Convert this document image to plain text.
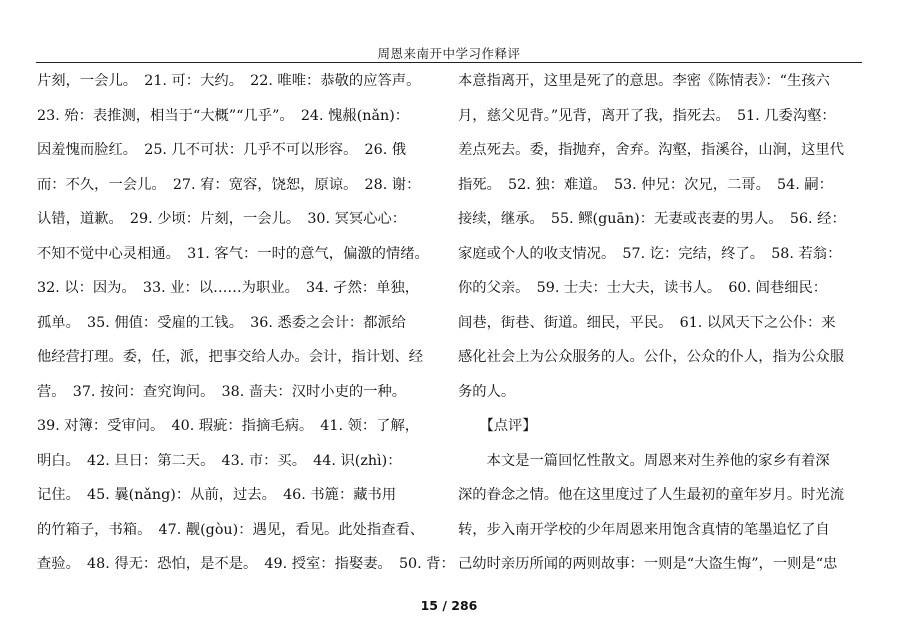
周恩来南开中学习作释评
片刻，一会儿。　21. 可：大约。　22. 唯唯：恭敬的应答声。
23. 殆：表推测，相当于“大概”“几乎”。　24. 愧赧(nǎn)：
因羞愧而脸红。　25. 几不可状：几乎不可以形容。　26. 俄
而：不久，一会儿。　27. 宥：宽容，饶恕，原谅。　28. 谢：
认错，道歉。　29. 少顷：片刻，一会儿。　30. 冥冥心心：
不知不觉中心灵相通。　31. 客气：一时的意气，偏激的情绪。
32. 以：因为。　33. 业：以……为职业。　34. 孑然：单独，
孤单。　35. 佣值：受雇的工钱。　36. 悉委之会计：都派给
他经营打理。委，任，派，把事交给人办。会计，指计划、经
营。　37. 按问：查究询问。　38. 啬夫：汉时小吏的一种。
39. 对簿：受审问。　40. 瑕疵：指摘毛病。　41. 领：了解，
明白。　42. 旦日：第二天。　43. 市：买。　44. 识(zhì)：
记住。　45. 曩(nǎng)：从前，过去。　46. 书簏：藏书用
的竹箱子，书箱。　47. 觏(gòu)：遇见，看见。此处指查看、
查验。　48. 得无：恐怕，是不是。　49. 授室：指娶妻。　50. 背：
本意指离开，这里是死了的意思。李密《陈情表》：“生孩六
月，慈父见背。”见背，离开了我，指死去。　51. 几委沟壑：
差点死去。委，指抛弃，舍弃。沟壑，指溪谷，山涧，这里代
指死。　52. 独：难道。　53. 仲兄：次兄，二哥。　54. 嗣：
接续，继承。　55. 鳏(guān)：无妻或丧妻的男人。　56. 经：
家庭或个人的收支情况。　57. 讫：完结，终了。　58. 若翁：
你的父亲。　59. 士夫：士大夫，读书人。　60. 闾巷细民：
闾巷，街巷、街道。细民，平民。　61. 以风天下之公仆：来
感化社会上为公众服务的人。公仆，公众的仆人，指为公众服
务的人。
【点评】
本文是一篇回忆性散文。周恩来对生养他的家乡有着深
深的眷念之情。他在这里度过了人生最初的童年岁月。时光流
转，步入南开学校的少年周恩来用饱含真情的笔墨追忆了自
己幼时亲历所闻的两则故事：一则是“大盗生悔”，一则是“忠
15 / 286
